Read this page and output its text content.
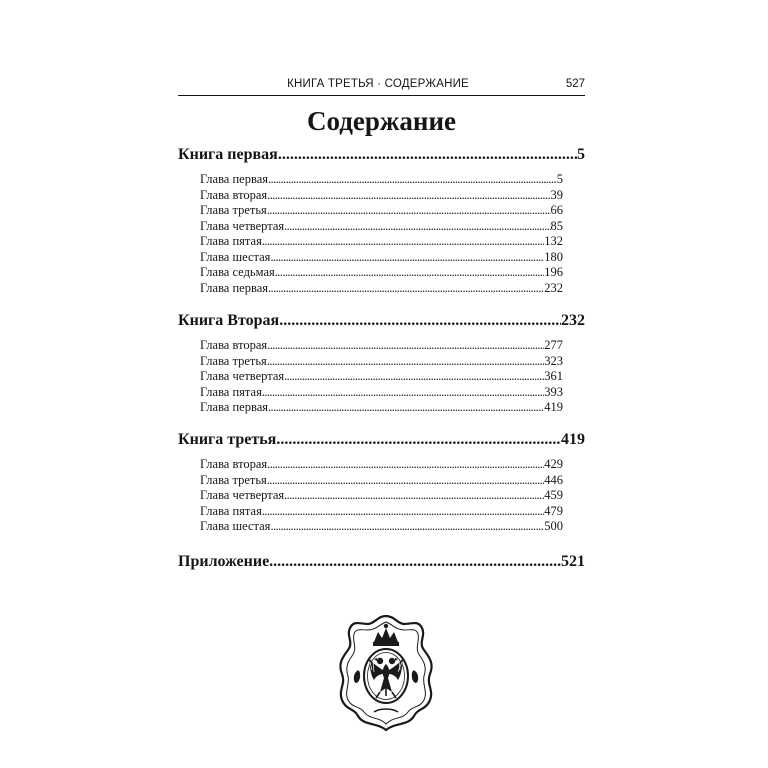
КНИГА ТРЕТЬЯ · СОДЕРЖАНИЕ	527
Содержание
Книга первая .....	5
Глава первая .....	5
Глава вторая .....	39
Глава третья .....	66
Глава четвертая .....	85
Глава пятая .....	132
Глава шестая .....	180
Глава седьмая .....	196
Глава первая .....	232
Книга Вторая .....	232
Глава вторая .....	277
Глава третья .....	323
Глава четвертая .....	361
Глава пятая .....	393
Глава первая .....	419
Книга третья .....	419
Глава вторая .....	429
Глава третья .....	446
Глава четвертая .....	459
Глава пятая .....	479
Глава шестая .....	500
Приложение .....	521
